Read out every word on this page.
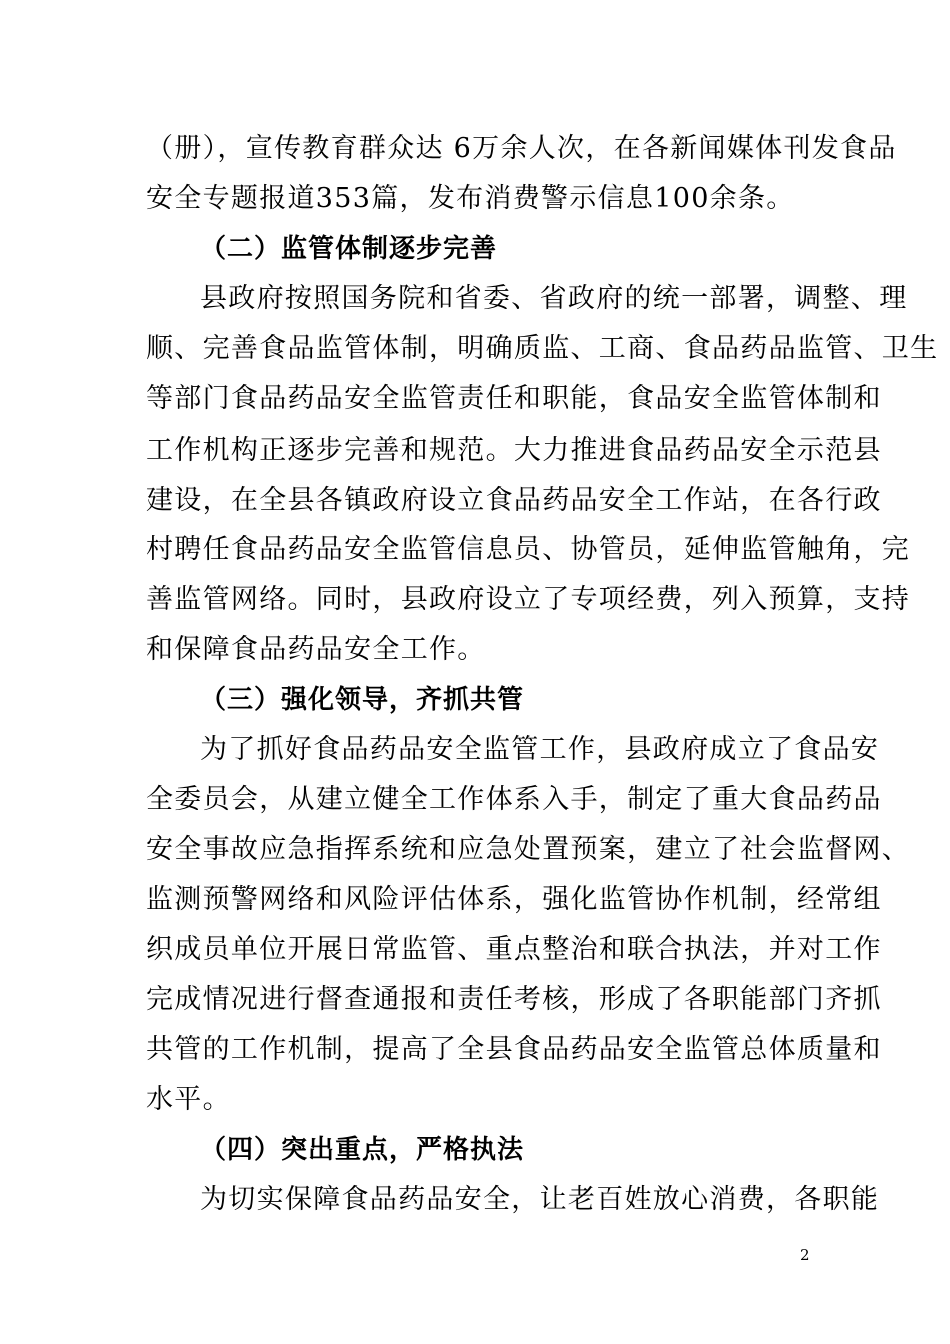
（册），宣传教育群众达 6万余人次，在各新闻媒体刊发食品
安全专题报道353篇，发布消费警示信息100余条。
（二）监管体制逐步完善
县政府按照国务院和省委、省政府的统一部署，调整、理
顺、完善食品监管体制，明确质监、工商、食品药品监管、卫生
等部门食品药品安全监管责任和职能，食品安全监管体制和
工作机构正逐步完善和规范。大力推进食品药品安全示范县
建设，在全县各镇政府设立食品药品安全工作站，在各行政
村聘任食品药品安全监管信息员、协管员，延伸监管触角，完
善监管网络。同时，县政府设立了专项经费，列入预算，支持
和保障食品药品安全工作。
（三）强化领导，齐抓共管
为了抓好食品药品安全监管工作，县政府成立了食品安
全委员会，从建立健全工作体系入手，制定了重大食品药品
安全事故应急指挥系统和应急处置预案，建立了社会监督网、
监测预警网络和风险评估体系，强化监管协作机制，经常组
织成员单位开展日常监管、重点整治和联合执法，并对工作
完成情况进行督查通报和责任考核，形成了各职能部门齐抓
共管的工作机制，提高了全县食品药品安全监管总体质量和
水平。
（四）突出重点，严格执法
为切实保障食品药品安全，让老百姓放心消费，各职能
2
